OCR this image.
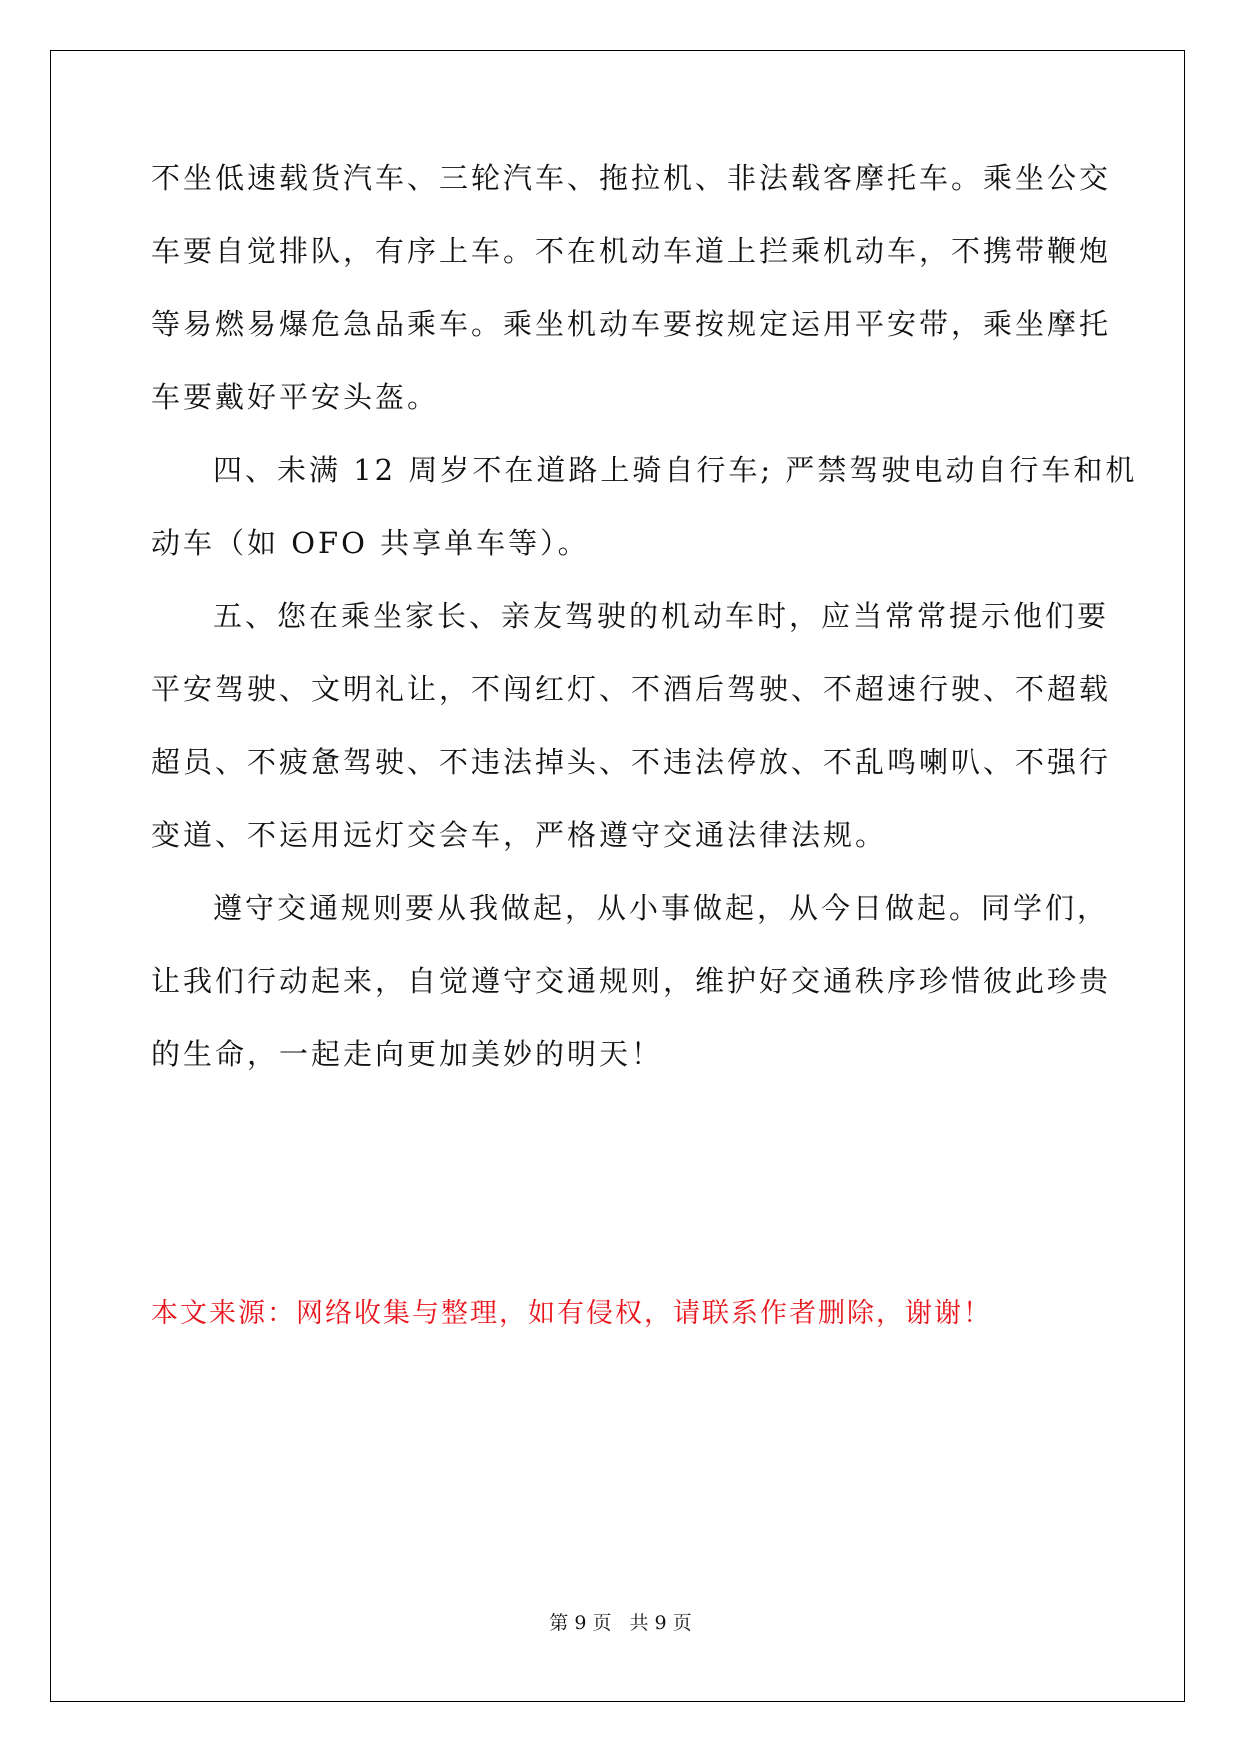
不坐低速载货汽车、三轮汽车、拖拉机、非法载客摩托车。乘坐公交
车要自觉排队，有序上车。不在机动车道上拦乘机动车，不携带鞭炮
等易燃易爆危急品乘车。乘坐机动车要按规定运用平安带，乘坐摩托
车要戴好平安头盔。
四、未满 12 周岁不在道路上骑自行车; 严禁驾驶电动自行车和机
动车（如 OFO 共享单车等）。
五、您在乘坐家长、亲友驾驶的机动车时，应当常常提示他们要
平安驾驶、文明礼让，不闯红灯、不酒后驾驶、不超速行驶、不超载
超员、不疲惫驾驶、不违法掉头、不违法停放、不乱鸣喇叭、不强行
变道、不运用远灯交会车，严格遵守交通法律法规。
遵守交通规则要从我做起，从小事做起，从今日做起。同学们，
让我们行动起来，自觉遵守交通规则，维护好交通秩序珍惜彼此珍贵
的生命，一起走向更加美妙的明天！
本文来源：网络收集与整理，如有侵权，请联系作者删除，谢谢！
第 9 页 共 9 页
